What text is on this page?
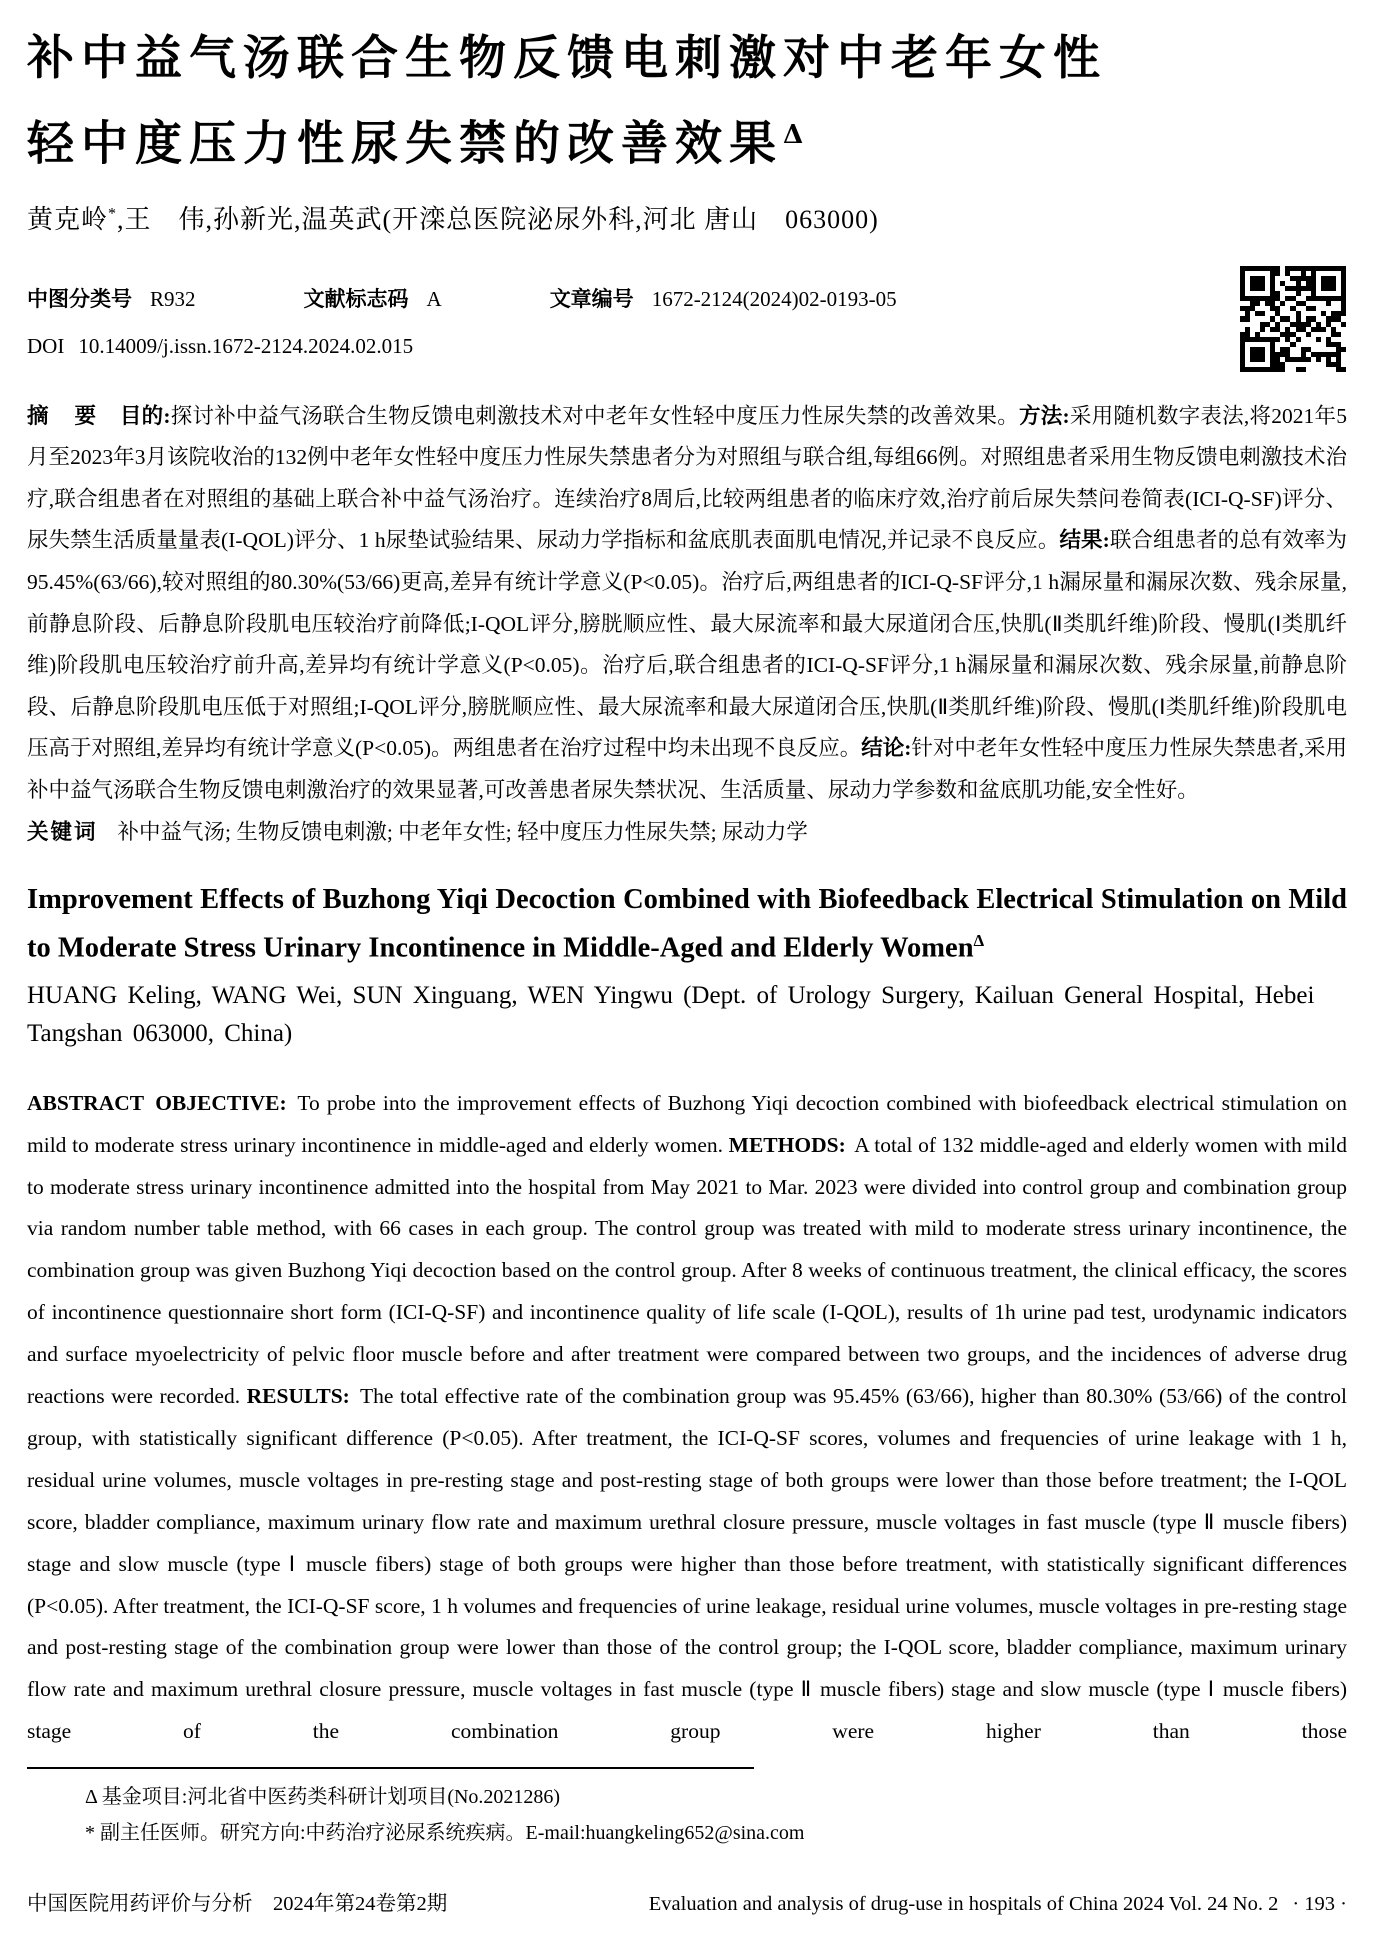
补中益气汤联合生物反馈电刺激对中老年女性
轻中度压力性尿失禁的改善效果$^\Delta$

黄克岭*,王　伟,孙新光,温英武(开滦总医院泌尿外科,河北 唐山　063000)

中图分类号 R932	文献标志码 A	文章编号 1672-2124(2024)02-0193-05
DOI 10.14009/j.issn.1672-2124.2024.02.015

摘　要 目的:探讨补中益气汤联合生物反馈电刺激技术对中老年女性轻中度压力性尿失禁的改善效果。方法:采用随机数字表法,将2021年5月至2023年3月该院收治的132例中老年女性轻中度压力性尿失禁患者分为对照组与联合组,每组66例。对照组患者采用生物反馈电刺激技术治疗,联合组患者在对照组的基础上联合补中益气汤治疗。连续治疗8周后,比较两组患者的临床疗效,治疗前后尿失禁问卷简表(ICI-Q-SF)评分、尿失禁生活质量量表(I-QOL)评分、1 h尿垫试验结果、尿动力学指标和盆底肌表面肌电情况,并记录不良反应。结果:联合组患者的总有效率为95.45%(63/66),较对照组的80.30%(53/66)更高,差异有统计学意义(P<0.05)。治疗后,两组患者的ICI-Q-SF评分,1 h漏尿量和漏尿次数、残余尿量,前静息阶段、后静息阶段肌电压较治疗前降低;I-QOL评分,膀胱顺应性、最大尿流率和最大尿道闭合压,快肌(Ⅱ类肌纤维)阶段、慢肌(Ⅰ类肌纤维)阶段肌电压较治疗前升高,差异均有统计学意义(P<0.05)。治疗后,联合组患者的ICI-Q-SF评分,1 h漏尿量和漏尿次数、残余尿量,前静息阶段、后静息阶段肌电压低于对照组;I-QOL评分,膀胱顺应性、最大尿流率和最大尿道闭合压,快肌(Ⅱ类肌纤维)阶段、慢肌(Ⅰ类肌纤维)阶段肌电压高于对照组,差异均有统计学意义(P<0.05)。两组患者在治疗过程中均未出现不良反应。结论:针对中老年女性轻中度压力性尿失禁患者,采用补中益气汤联合生物反馈电刺激治疗的效果显著,可改善患者尿失禁状况、生活质量、尿动力学参数和盆底肌功能,安全性好。

关键词 补中益气汤; 生物反馈电刺激; 中老年女性; 轻中度压力性尿失禁; 尿动力学

Improvement Effects of Buzhong Yiqi Decoction Combined with Biofeedback Electrical Stimulation on Mild to Moderate Stress Urinary Incontinence in Middle-Aged and Elderly Women$^\Delta$

HUANG Keling, WANG Wei, SUN Xinguang, WEN Yingwu (Dept. of Urology Surgery, Kailuan General Hospital, Hebei Tangshan 063000, China)

ABSTRACT OBJECTIVE: To probe into the improvement effects of Buzhong Yiqi decoction combined with biofeedback electrical stimulation on mild to moderate stress urinary incontinence in middle-aged and elderly women. METHODS: A total of 132 middle-aged and elderly women with mild to moderate stress urinary incontinence admitted into the hospital from May 2021 to Mar. 2023 were divided into control group and combination group via random number table method, with 66 cases in each group. The control group was treated with mild to moderate stress urinary incontinence, the combination group was given Buzhong Yiqi decoction based on the control group. After 8 weeks of continuous treatment, the clinical efficacy, the scores of incontinence questionnaire short form (ICI-Q-SF) and incontinence quality of life scale (I-QOL), results of 1h urine pad test, urodynamic indicators and surface myoelectricity of pelvic floor muscle before and after treatment were compared between two groups, and the incidences of adverse drug reactions were recorded. RESULTS: The total effective rate of the combination group was 95.45% (63/66), higher than 80.30% (53/66) of the control group, with statistically significant difference (P<0.05). After treatment, the ICI-Q-SF scores, volumes and frequencies of urine leakage with 1 h, residual urine volumes, muscle voltages in pre-resting stage and post-resting stage of both groups were lower than those before treatment; the I-QOL score, bladder compliance, maximum urinary flow rate and maximum urethral closure pressure, muscle voltages in fast muscle (type Ⅱ muscle fibers) stage and slow muscle (type Ⅰ muscle fibers) stage of both groups were higher than those before treatment, with statistically significant differences (P<0.05). After treatment, the ICI-Q-SF score, 1 h volumes and frequencies of urine leakage, residual urine volumes, muscle voltages in pre-resting stage and post-resting stage of the combination group were lower than those of the control group; the I-QOL score, bladder compliance, maximum urinary flow rate and maximum urethral closure pressure, muscle voltages in fast muscle (type Ⅱ muscle fibers) stage and slow muscle (type Ⅰ muscle fibers) stage of the combination group were higher than those

Δ 基金项目:河北省中医药类科研计划项目(No.2021286)
* 副主任医师。研究方向:中药治疗泌尿系统疾病。E-mail:huangkeling652@sina.com
中国医院用药评价与分析　2024年第24卷第2期	Evaluation and analysis of drug-use in hospitals of China 2024 Vol. 24 No. 2 · 193 ·
